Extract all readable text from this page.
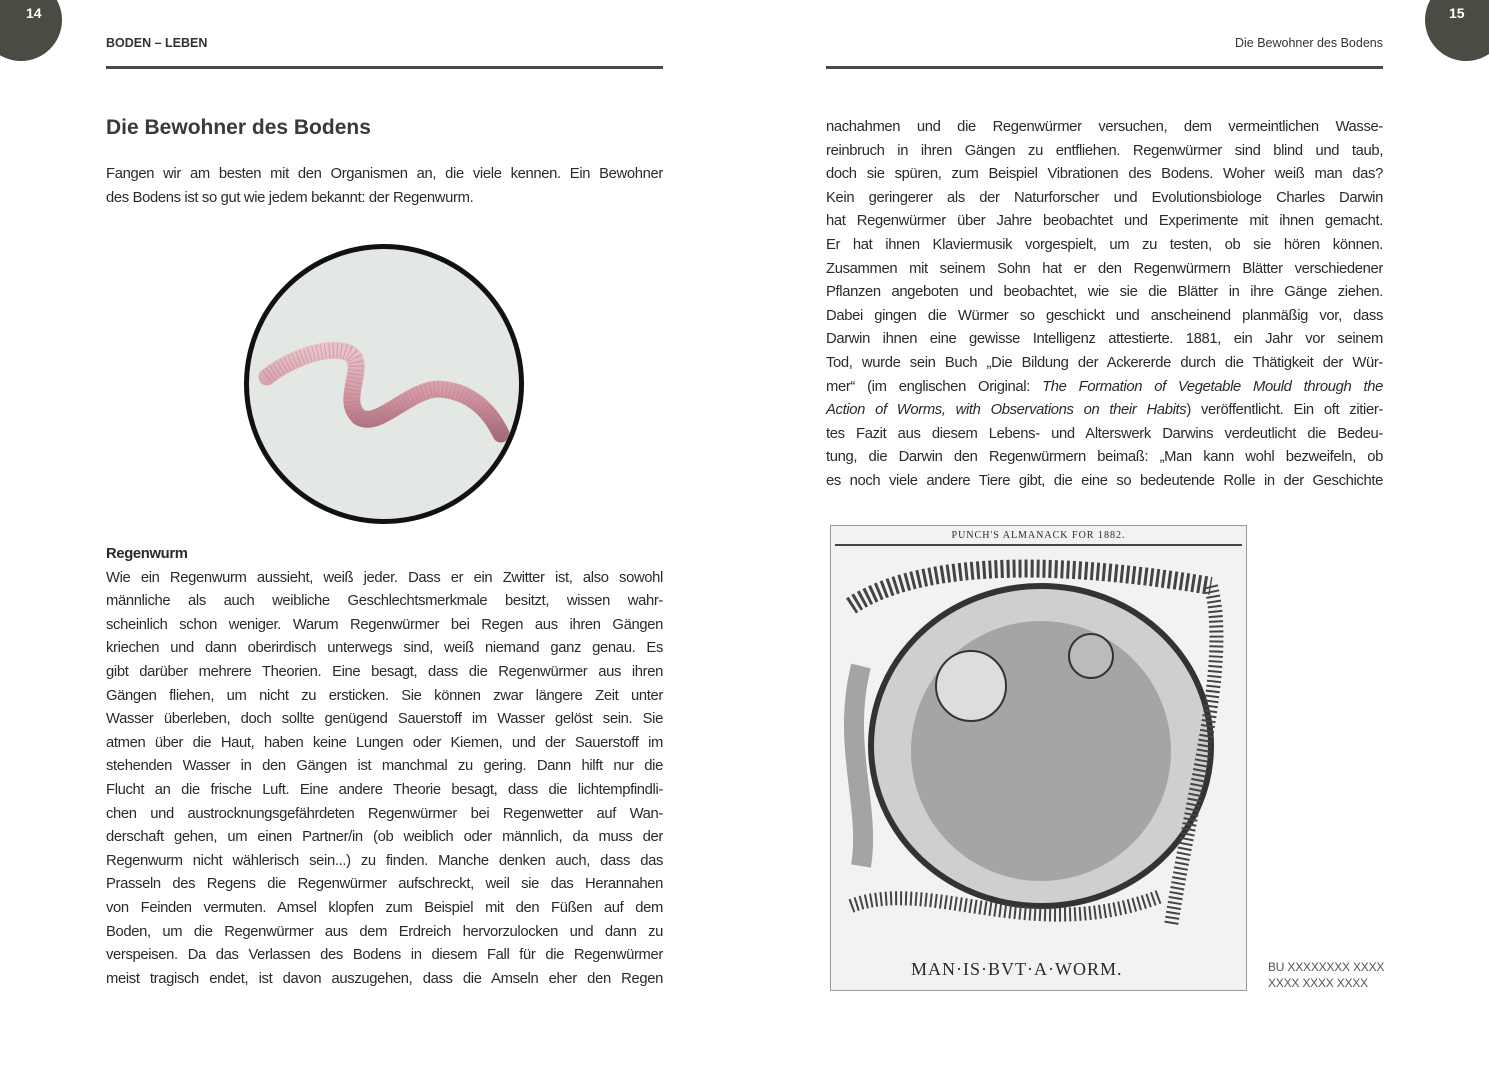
14	15
BODEN – LEBEN	Die Bewohner des Bodens
Die Bewohner des Bodens
Fangen wir am besten mit den Organismen an, die viele kennen. Ein Bewohner
des Bodens ist so gut wie jedem bekannt: der Regenwurm.
Regenwurm
Wie ein Regenwurm aussieht, weiß jeder. Dass er ein Zwitter ist, also sowohl
männliche als auch weibliche Geschlechtsmerkmale besitzt, wissen wahr-
scheinlich schon weniger. Warum Regenwürmer bei Regen aus ihren Gängen
kriechen und dann oberirdisch unterwegs sind, weiß niemand ganz genau. Es
gibt darüber mehrere Theorien. Eine besagt, dass die Regenwürmer aus ihren
Gängen fliehen, um nicht zu ersticken. Sie können zwar längere Zeit unter
Wasser überleben, doch sollte genügend Sauerstoff im Wasser gelöst sein. Sie
atmen über die Haut, haben keine Lungen oder Kiemen, und der Sauerstoff im
stehenden Wasser in den Gängen ist manchmal zu gering. Dann hilft nur die
Flucht an die frische Luft. Eine andere Theorie besagt, dass die lichtempfindli-
chen und austrocknungsgefährdeten Regenwürmer bei Regenwetter auf Wan-
derschaft gehen, um einen Partner/in (ob weiblich oder männlich, da muss der
Regenwurm nicht wählerisch sein...) zu finden. Manche denken auch, dass das
Prasseln des Regens die Regenwürmer aufschreckt, weil sie das Herannahen
von Feinden vermuten. Amsel klopfen zum Beispiel mit den Füßen auf dem
Boden, um die Regenwürmer aus dem Erdreich hervorzulocken und dann zu
verspeisen. Da das Verlassen des Bodens in diesem Fall für die Regenwürmer
meist tragisch endet, ist davon auszugehen, dass die Amseln eher den Regen
nachahmen und die Regenwürmer versuchen, dem vermeintlichen Wasse-
reinbruch in ihren Gängen zu entfliehen. Regenwürmer sind blind und taub,
doch sie spüren, zum Beispiel Vibrationen des Bodens. Woher weiß man das?
Kein geringerer als der Naturforscher und Evolutionsbiologe Charles Darwin
hat Regenwürmer über Jahre beobachtet und Experimente mit ihnen gemacht.
Er hat ihnen Klaviermusik vorgespielt, um zu testen, ob sie hören können.
Zusammen mit seinem Sohn hat er den Regenwürmern Blätter verschiedener
Pflanzen angeboten und beobachtet, wie sie die Blätter in ihre Gänge ziehen.
Dabei gingen die Würmer so geschickt und anscheinend planmäßig vor, dass
Darwin ihnen eine gewisse Intelligenz attestierte. 1881, ein Jahr vor seinem
Tod, wurde sein Buch „Die Bildung der Ackererde durch die Thätigkeit der Wür-
mer“ (im englischen Original: The Formation of Vegetable Mould through the
Action of Worms, with Observations on their Habits) veröffentlicht. Ein oft zitier-
tes Fazit aus diesem Lebens- und Alterswerk Darwins verdeutlicht die Bedeu-
tung, die Darwin den Regenwürmern beimaß: „Man kann wohl bezweifeln, ob
es noch viele andere Tiere gibt, die eine so bedeutende Rolle in der Geschichte
PUNCH'S ALMANACK FOR 1882.
MAN·IS·BVT·A·WORM.	BU XXXXXXXX XXXX
XXXX XXXX XXXX
